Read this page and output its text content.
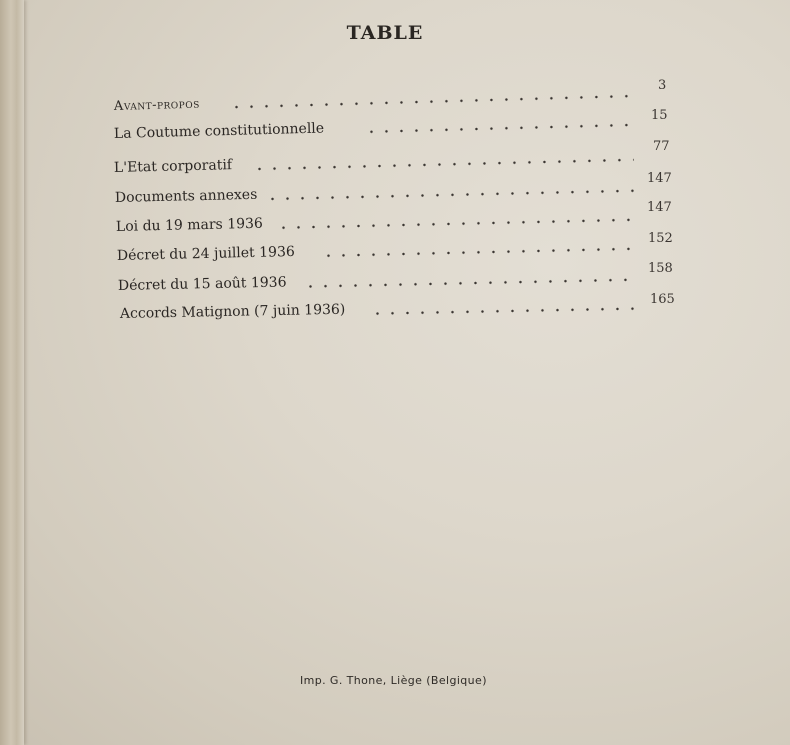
TABLE
Avant-propos
3
La Coutume constitutionnelle
15
L'Etat corporatif
77
Documents annexes
147
Loi du 19 mars 1936
147
Décret du 24 juillet 1936
152
Décret du 15 août 1936
158
Accords Matignon (7 juin 1936)
165
Imp. G. Thone, Liège (Belgique)
